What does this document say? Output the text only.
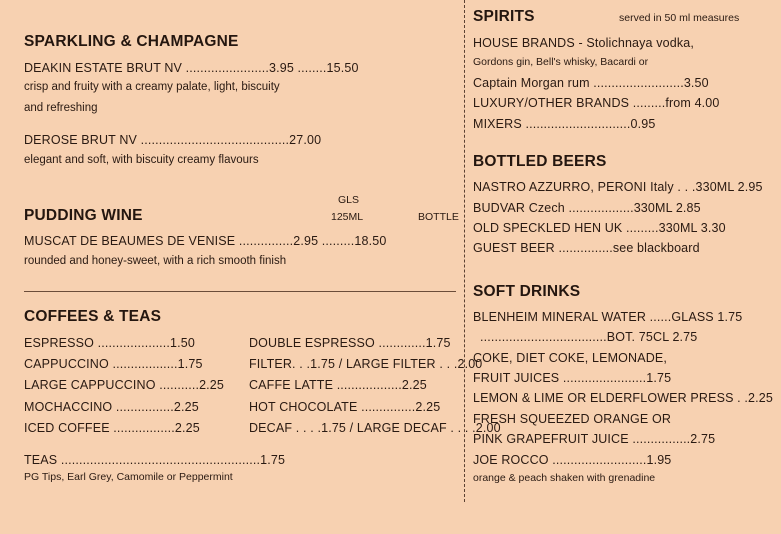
SPARKLING & CHAMPAGNE
DEAKIN ESTATE BRUT NV .......................3.95 ........15.50
crisp and fruity with a creamy palate, light, biscuity
and refreshing
DEROSE BRUT NV .........................................27.00
elegant and soft, with biscuity creamy flavours
GLS
PUDDING WINE	125ML	BOTTLE
MUSCAT DE BEAUMES DE VENISE ...............2.95 .........18.50
rounded and honey-sweet, with a rich smooth finish
COFFEES & TEAS
ESPRESSO ....................1.50
CAPPUCCINO ..................1.75
LARGE CAPPUCCINO ...........2.25
MOCHACCINO ................2.25
ICED COFFEE .................2.25
DOUBLE ESPRESSO .............1.75
FILTER. . .1.75 / LARGE FILTER . . .2.00
CAFFE LATTE ..................2.25
HOT CHOCOLATE ...............2.25
DECAF . . . .1.75 / LARGE DECAF . . . .2.00
TEAS .......................................................1.75
PG Tips, Earl Grey, Camomile or Peppermint
SPIRITS	served in 50 ml measures
HOUSE BRANDS - Stolichnaya vodka,
Gordons gin, Bell's whisky, Bacardi or
Captain Morgan rum .........................3.50
LUXURY/OTHER BRANDS .........from 4.00
MIXERS .............................0.95
BOTTLED BEERS
NASTRO AZZURRO, PERONI Italy . . .330ML 2.95
BUDVAR Czech ..................330ML 2.85
OLD SPECKLED HEN UK .........330ML 3.30
GUEST BEER ...............see blackboard
SOFT DRINKS
BLENHEIM MINERAL WATER ......GLASS 1.75
...................................BOT. 75CL 2.75
COKE, DIET COKE, LEMONADE,
FRUIT JUICES .......................1.75
LEMON & LIME OR ELDERFLOWER PRESS . .2.25
FRESH SQUEEZED ORANGE OR
PINK GRAPEFRUIT JUICE ................2.75
JOE ROCCO ..........................1.95
orange & peach shaken with grenadine
